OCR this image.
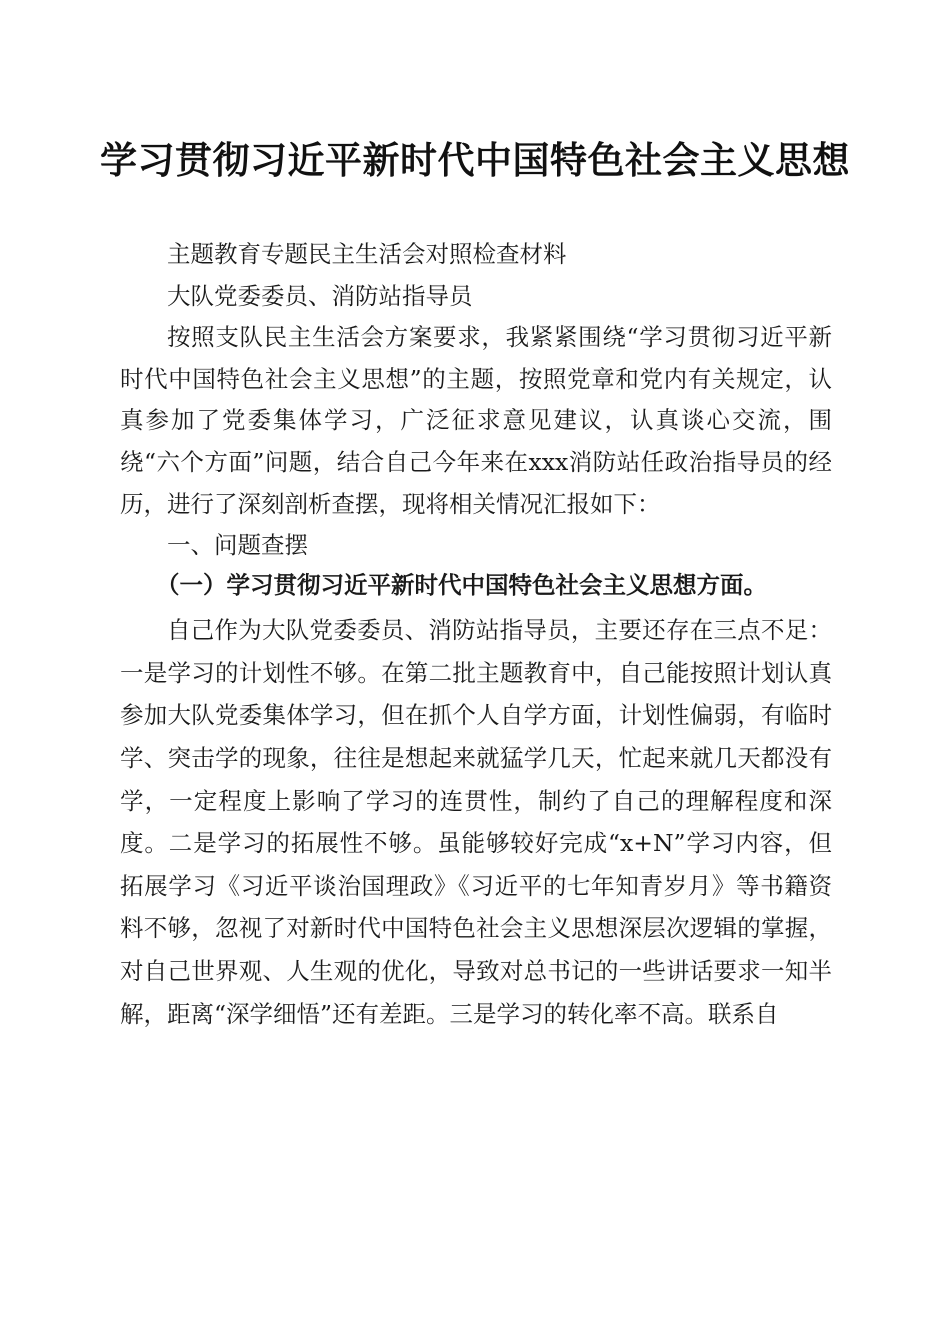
学习贯彻习近平新时代中国特色社会主义思想

主题教育专题民主生活会对照检查材料

大队党委委员、消防站指导员

按照支队民主生活会方案要求，我紧紧围绕“学习贯彻习近平新时代中国特色社会主义思想”的主题，按照党章和党内有关规定，认真参加了党委集体学习，广泛征求意见建议，认真谈心交流，围绕“六个方面”问题，结合自己今年来在xxx消防站任政治指导员的经历，进行了深刻剖析查摆，现将相关情况汇报如下：

一、问题查摆

（一）学习贯彻习近平新时代中国特色社会主义思想方面。

自己作为大队党委委员、消防站指导员，主要还存在三点不足：一是学习的计划性不够。在第二批主题教育中，自己能按照计划认真参加大队党委集体学习，但在抓个人自学方面，计划性偏弱，有临时学、突击学的现象，往往是想起来就猛学几天，忙起来就几天都没有学，一定程度上影响了学习的连贯性，制约了自己的理解程度和深度。二是学习的拓展性不够。虽能够较好完成“x+N”学习内容，但拓展学习《习近平谈治国理政》《习近平的七年知青岁月》等书籍资料不够，忽视了对新时代中国特色社会主义思想深层次逻辑的掌握，对自己世界观、人生观的优化，导致对总书记的一些讲话要求一知半解，距离“深学细悟”还有差距。三是学习的转化率不高。联系自
